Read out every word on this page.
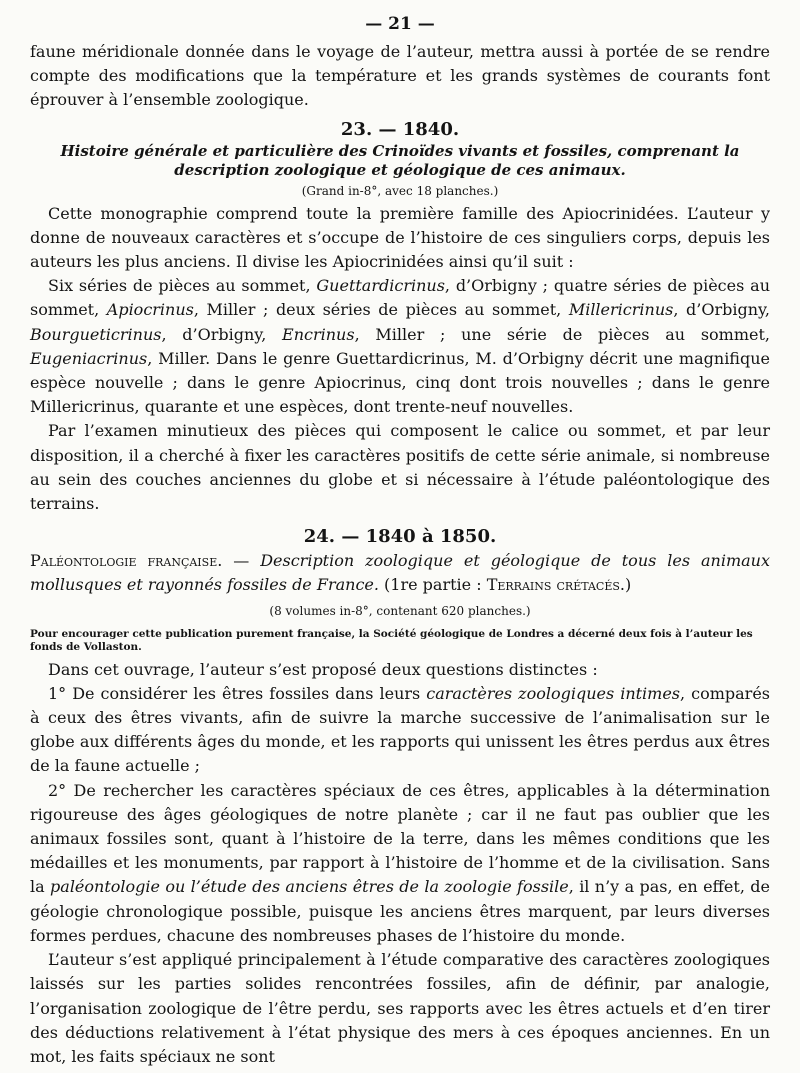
— 21 —

faune méridionale donnée dans le voyage de l’auteur, mettra aussi à portée de se rendre compte des modifications que la température et les grands systèmes de courants font éprouver à l’ensemble zoologique.

23. — 1840.
Histoire générale et particulière des Crinoïdes vivants et fossiles, comprenant la description zoologique et géologique de ces animaux.
(Grand in-8°, avec 18 planches.)

Cette monographie comprend toute la première famille des Apiocrinidées. L’auteur y donne de nouveaux caractères et s’occupe de l’histoire de ces singuliers corps, depuis les auteurs les plus anciens. Il divise les Apiocrinidées ainsi qu’il suit :

Six séries de pièces au sommet, Guettardicrinus, d’Orbigny ; quatre séries de pièces au sommet, Apiocrinus, Miller ; deux séries de pièces au sommet, Millericrinus, d’Orbigny, Bourgueticrinus, d’Orbigny, Encrinus, Miller ; une série de pièces au sommet, Eugeniacrinus, Miller. Dans le genre Guettardicrinus, M. d’Orbigny décrit une magnifique espèce nouvelle ; dans le genre Apiocrinus, cinq dont trois nouvelles ; dans le genre Millericrinus, quarante et une espèces, dont trente-neuf nouvelles.

Par l’examen minutieux des pièces qui composent le calice ou sommet, et par leur disposition, il a cherché à fixer les caractères positifs de cette série animale, si nombreuse au sein des couches anciennes du globe et si nécessaire à l’étude paléontologique des terrains.

24. — 1840 à 1850.

Paléontologie française. — Description zoologique et géologique de tous les animaux mollusques et rayonnés fossiles de France. (1re partie : Terrains crétacés.)

(8 volumes in-8°, contenant 620 planches.)

Pour encourager cette publication purement française, la Société géologique de Londres a décerné deux fois à l’auteur les fonds de Vollaston.

Dans cet ouvrage, l’auteur s’est proposé deux questions distinctes :

1° De considérer les êtres fossiles dans leurs caractères zoologiques intimes, comparés à ceux des êtres vivants, afin de suivre la marche successive de l’animalisation sur le globe aux différents âges du monde, et les rapports qui unissent les êtres perdus aux êtres de la faune actuelle ;

2° De rechercher les caractères spéciaux de ces êtres, applicables à la détermination rigoureuse des âges géologiques de notre planète ; car il ne faut pas oublier que les animaux fossiles sont, quant à l’histoire de la terre, dans les mêmes conditions que les médailles et les monuments, par rapport à l’histoire de l’homme et de la civilisation. Sans la paléontologie ou l’étude des anciens êtres de la zoologie fossile, il n’y a pas, en effet, de géologie chronologique possible, puisque les anciens êtres marquent, par leurs diverses formes perdues, chacune des nombreuses phases de l’histoire du monde.

L’auteur s’est appliqué principalement à l’étude comparative des caractères zoologiques laissés sur les parties solides rencontrées fossiles, afin de définir, par analogie, l’organisation zoologique de l’être perdu, ses rapports avec les êtres actuels et d’en tirer des déductions relativement à l’état physique des mers à ces époques anciennes. En un mot, les faits spéciaux ne sont
